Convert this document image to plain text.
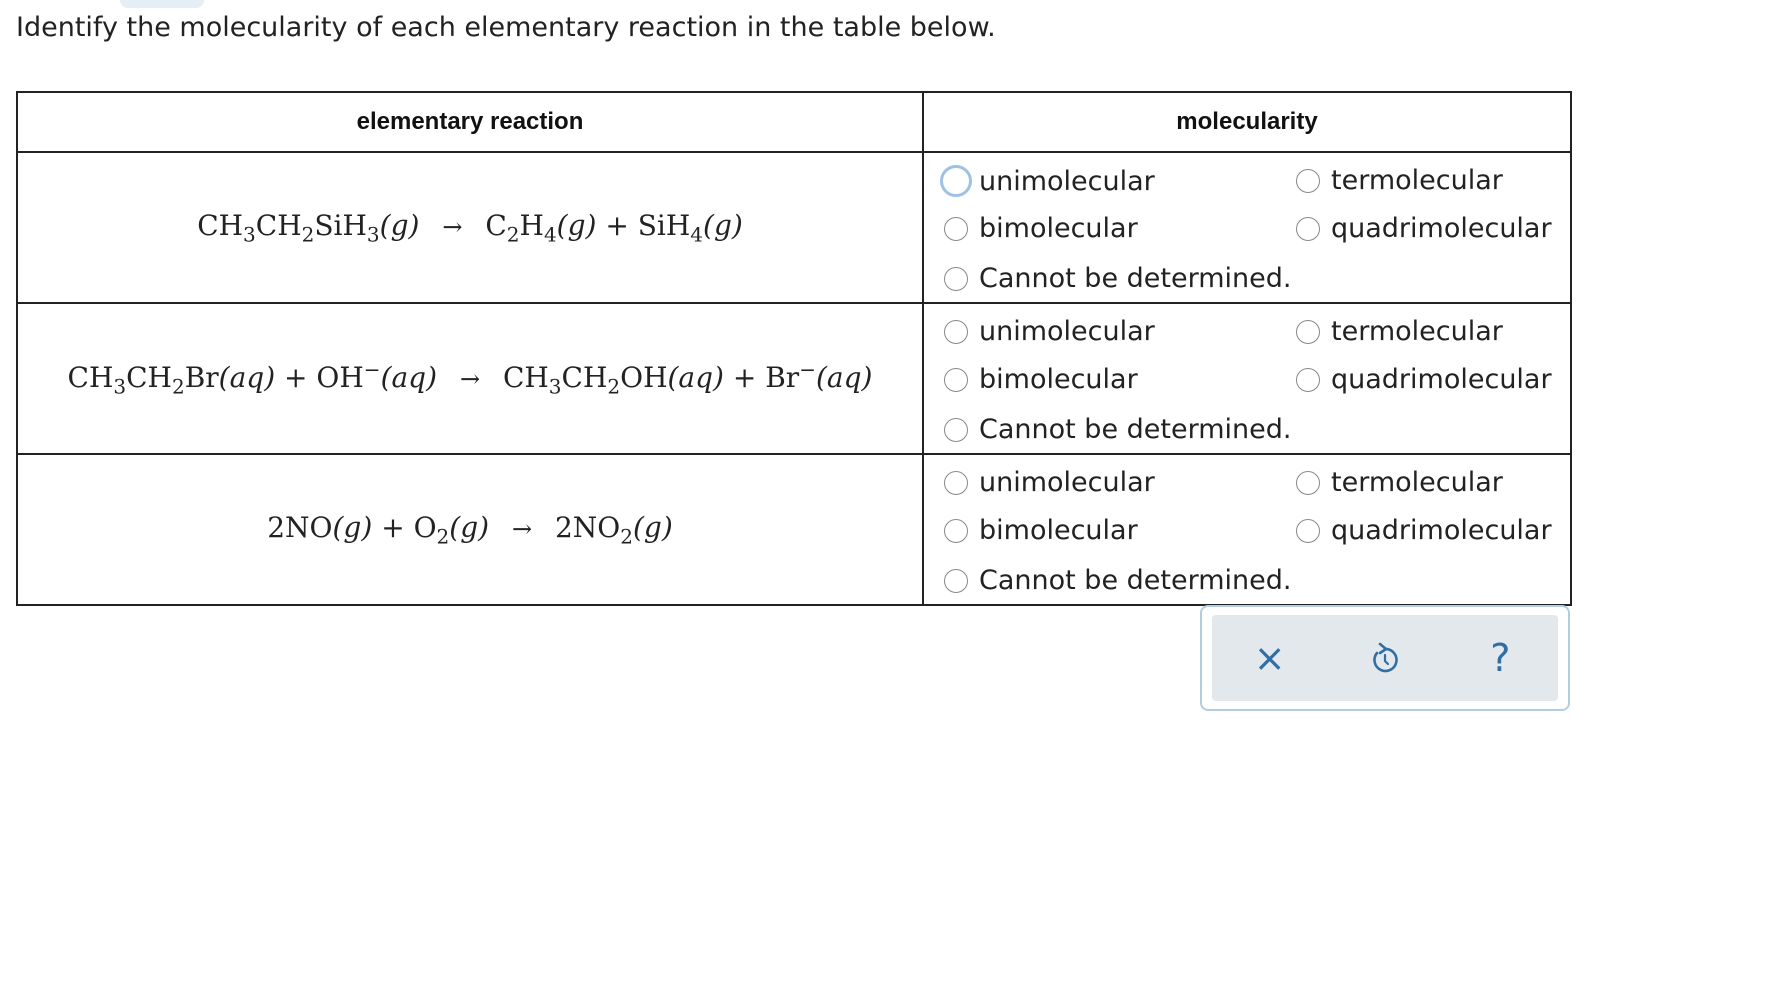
Identify the molecularity of each elementary reaction in the table below.
elementary reaction	molecularity
$CH_3CH_2SiH_3(g) \to C_2H_4(g) + SiH_4(g)$	unimolecular
bimolecular
Cannot be determined.
termolecular
quadrimolecular

$CH_3CH_2Br(aq) + OH^-(aq) \to CH_3CH_2OH(aq) + Br^-(aq)$	unimolecular
bimolecular
Cannot be determined.
termolecular
quadrimolecular

$2NO(g) + O_2(g) \to 2NO_2(g)$	unimolecular
bimolecular
Cannot be determined.
termolecular
quadrimolecular
×	?
